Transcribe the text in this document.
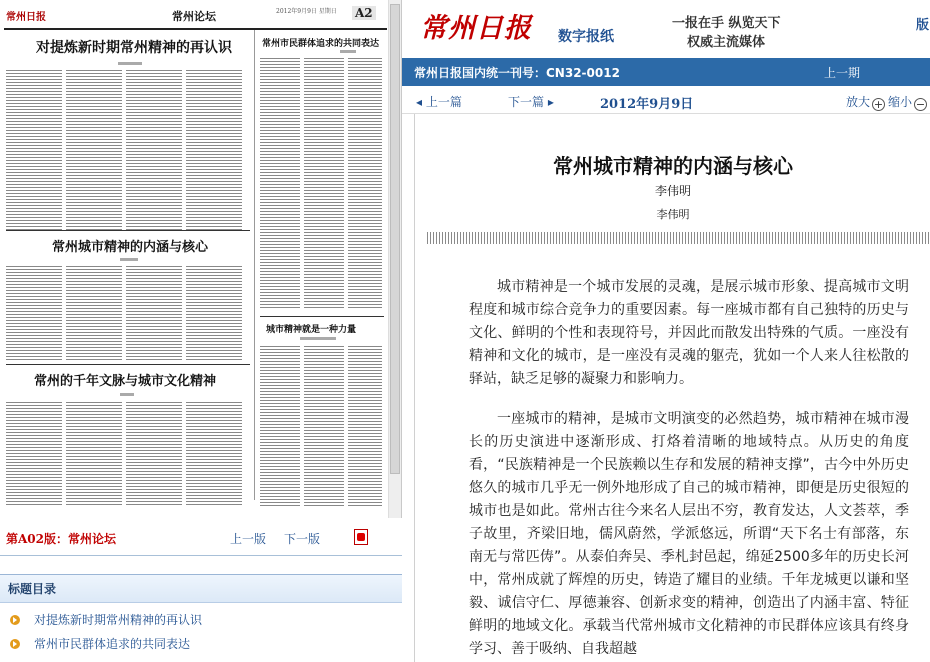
常州日报	常州论坛	2012年9月9日 星期日 A2
对提炼新时期常州精神的再认识	常州市民群体追求的共同表达
常州城市精神的内涵与核心
城市精神就是一种力量
常州的千年文脉与城市文化精神
第A02版：常州论坛	上一版 下一版
标题目录
对提炼新时期常州精神的再认识
常州市民群体追求的共同表达
常州日报 数字报纸
一报在手 纵览天下
权威主流媒体
版
常州日报国内统一刊号：CN32-0012	上一期
◂ 上一篇	下一篇 ▸	2012年9月9日	放大 + 缩小 −
常州城市精神的内涵与核心
李伟明
李伟明

城市精神是一个城市发展的灵魂，是展示城市形象、提高城市文明程度和城市综合竞争力的重要因素。每一座城市都有自己独特的历史与文化、鲜明的个性和表现符号，并因此而散发出特殊的气质。一座没有精神和文化的城市，是一座没有灵魂的躯壳，犹如一个人来人往松散的驿站，缺乏足够的凝聚力和影响力。

一座城市的精神，是城市文明演变的必然趋势，城市精神在城市漫长的历史演进中逐渐形成、打烙着清晰的地域特点。从历史的角度看，“民族精神是一个民族赖以生存和发展的精神支撑”，古今中外历史悠久的城市几乎无一例外地形成了自己的城市精神，即便是历史很短的城市也是如此。常州古往今来名人层出不穷，教育发达，人文荟萃，季子故里，齐梁旧地，儒风蔚然，学派悠远，所谓“天下名士有部落，东南无与常匹俦”。从泰伯奔吴、季札封邑起，绵延2500多年的历史长河中，常州成就了辉煌的历史，铸造了耀目的业绩。千年龙城更以谦和坚毅、诚信守仁、厚德兼容、创新求变的精神，创造出了内涵丰富、特征鲜明的地域文化。承载当代常州城市文化精神的市民群体应该具有终身学习、善于吸纳、自我超越
